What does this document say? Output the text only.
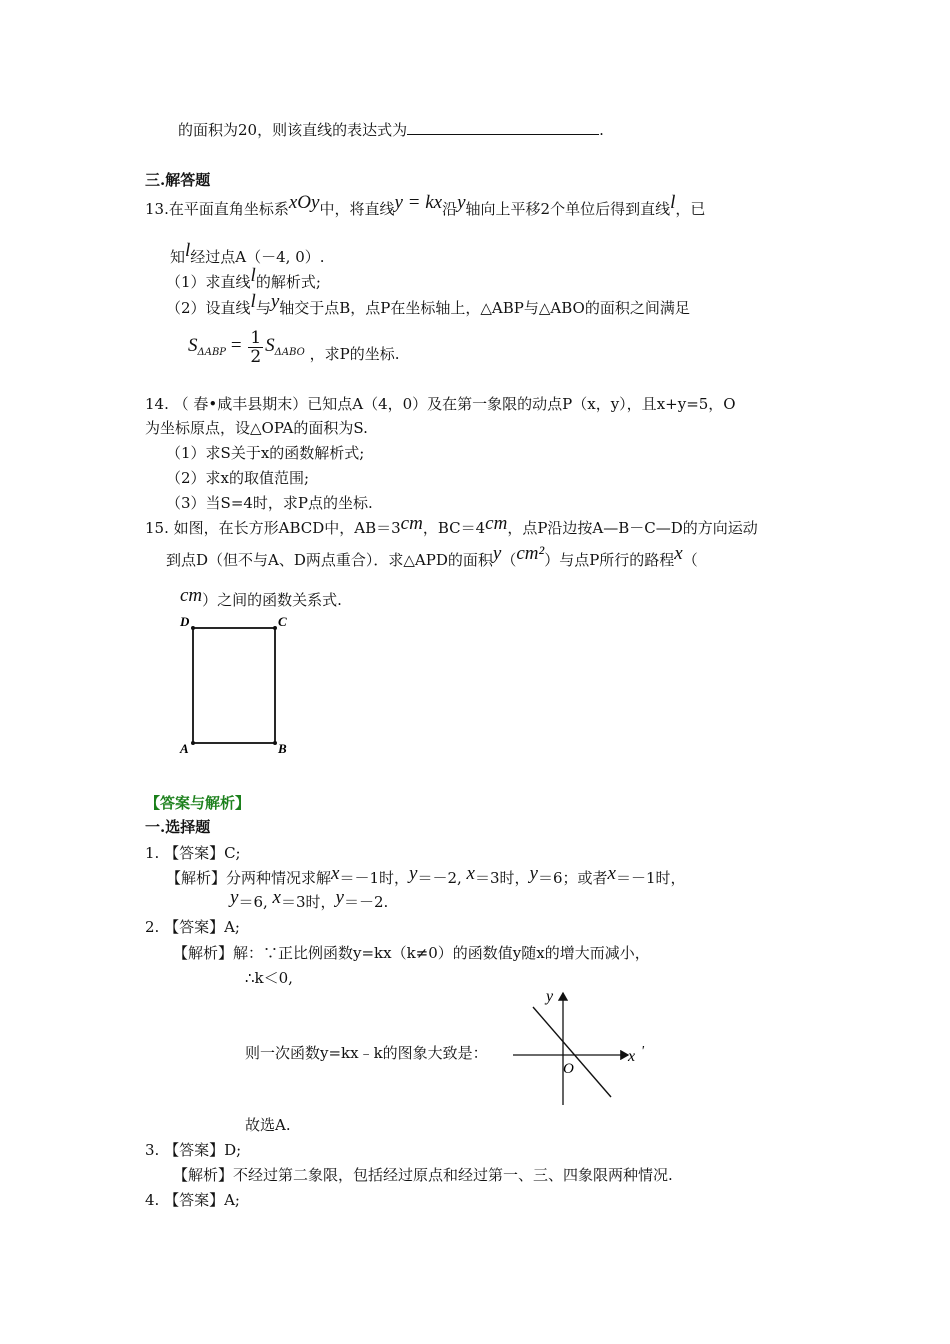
的面积为20，则该直线的表达式为	.
三.解答题
13.在平面直角坐标系xOy中，将直线y = kx沿y轴向上平移2个单位后得到直线l，已
知l经过点A（－4, 0）.
（1）求直线l的解析式;
（2）设直线l与y轴交于点B，点P在坐标轴上，△ABP与△ABO的面积之间满足
$S_{\Delta ABP} = \frac{1}{2} S_{\Delta ABO}$ ，求P的坐标.
14. （ 春•咸丰县期末）已知点A（4，0）及在第一象限的动点P（x，y），且x+y=5，O
为坐标原点，设△OPA的面积为S.
（1）求S关于x的函数解析式;
（2）求x的取值范围;
（3）当S=4时，求P点的坐标.
15. 如图，在长方形ABCD中，AB＝3cm，BC＝4cm，点P沿边按A—B－C—D的方向运动
到点D（但不与A、D两点重合）．求△APD的面积y（cm²）与点P所行的路程x（
cm）之间的函数关系式.
D	C
A	B
【答案与解析】
一.选择题
1. 【答案】C;
【解析】分两种情况求解x＝－1时，y＝－2, x＝3时，y＝6；或者x＝－1时，
y＝6, x＝3时，y＝－2.
2. 【答案】A;
【解析】解：∵正比例函数y=kx（k≠0）的函数值y随x的增大而减小，
∴k＜0,
则一次函数y=kx﹣k的图象大致是：
y
x '
O
故选A.
3. 【答案】D;
【解析】不经过第二象限，包括经过原点和经过第一、三、四象限两种情况.
4. 【答案】A;
